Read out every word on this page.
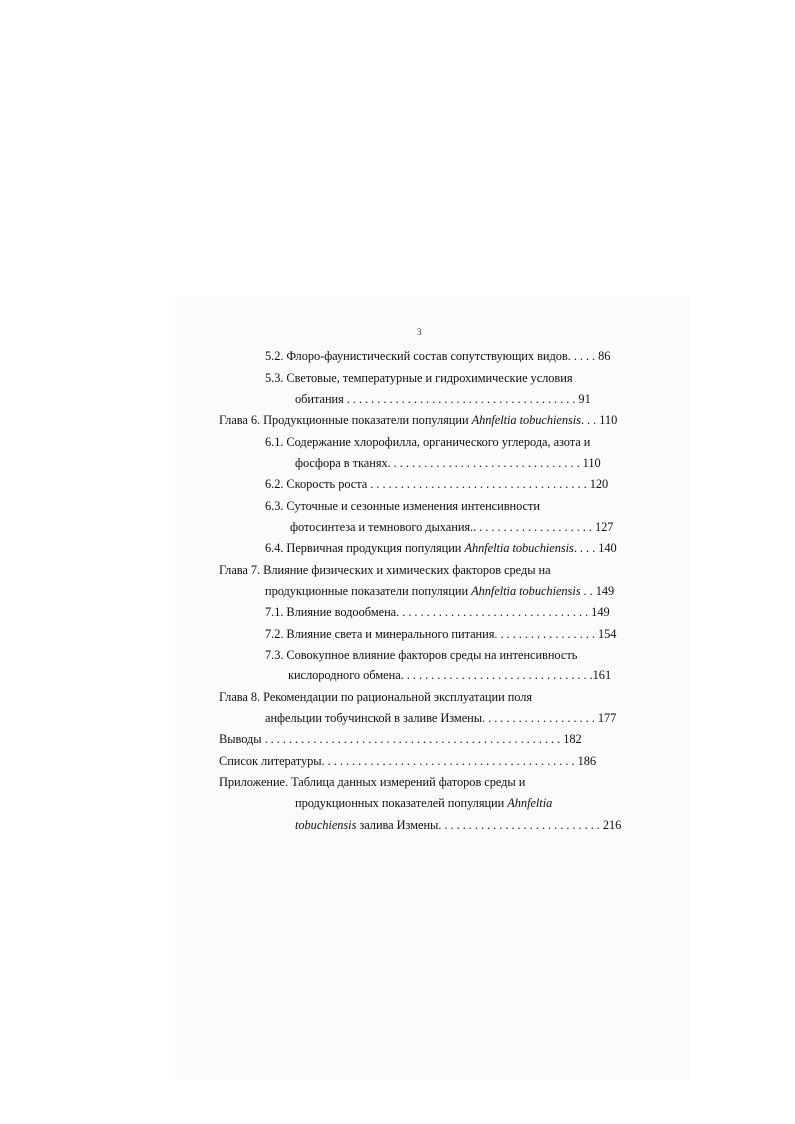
3
5.2. Флоро-фаунистический состав сопутствующих видов. . . . . 86
5.3. Световые, температурные и гидрохимические условия
обитания . . . . . . . . . . . . . . . . . . . . . . . . . . . . . . . . . . . . . . 91
Глава 6. Продукционные показатели популяции Ahnfeltia tobuchiensis. . . 110
6.1. Содержание хлорофилла, органического углерода, азота и
фосфора в тканях. . . . . . . . . . . . . . . . . . . . . . . . . . . . . . . . 110
6.2. Скорость роста . . . . . . . . . . . . . . . . . . . . . . . . . . . . . . . . . . . . 120
6.3. Суточные и сезонные изменения интенсивности
фотосинтеза и темнового дыхания.. . . . . . . . . . . . . . . . . . . . 127
6.4. Первичная продукция популяции Ahnfeltia tobuchiensis. . . . 140
Глава 7. Влияние физических и химических факторов среды на
продукционные показатели популяции Ahnfeltia tobuchiensis . . 149
7.1. Влияние водообмена. . . . . . . . . . . . . . . . . . . . . . . . . . . . . . . . 149
7.2. Влияние света и минерального питания. . . . . . . . . . . . . . . . . 154
7.3. Совокупное влияние факторов среды на интенсивность
кислородного обмена. . . . . . . . . . . . . . . . . . . . . . . . . . . . . . . .161
Глава 8. Рекомендации по рациональной эксплуатации поля
анфельции тобучинской в заливе Измены. . . . . . . . . . . . . . . . . . . 177
Выводы . . . . . . . . . . . . . . . . . . . . . . . . . . . . . . . . . . . . . . . . . . . . . . . . . 182
Список литературы. . . . . . . . . . . . . . . . . . . . . . . . . . . . . . . . . . . . . . . . . . 186
Приложение. Таблица данных измерений фаторов среды и
продукционных показателей популяции Ahnfeltia
tobuchiensis залива Измены. . . . . . . . . . . . . . . . . . . . . . . . . . . 216
